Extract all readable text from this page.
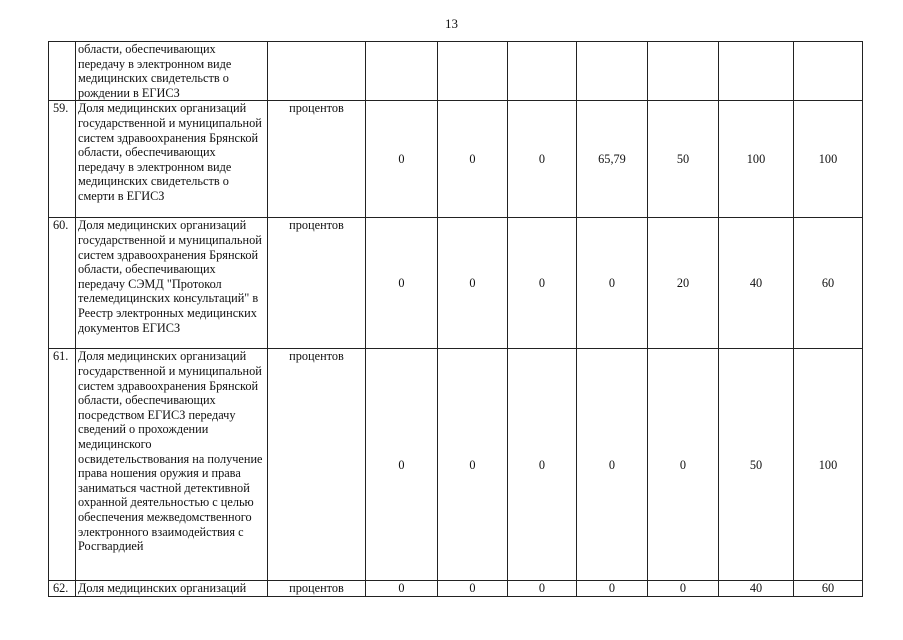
13
	области, обеспечивающих передачу в электронном виде медицинских свидетельств о рождении в ЕГИСЗ								
59.	Доля медицинских организаций государственной и муниципальной систем здравоохранения Брянской области, обеспечивающих передачу в электронном виде медицинских свидетельств о смерти в ЕГИСЗ	процентов	0	0	0	65,79	50	100	100
60.	Доля медицинских организаций государственной и муниципальной систем здравоохранения Брянской области, обеспечивающих передачу СЭМД "Протокол телемедицинских консультаций" в Реестр электронных медицинских документов ЕГИСЗ	процентов	0	0	0	0	20	40	60
61.	Доля медицинских организаций государственной и муниципальной систем здравоохранения Брянской области, обеспечивающих посредством ЕГИСЗ передачу сведений о прохождении медицинского освидетельствования на получение права ношения оружия и права заниматься частной детективной охранной деятельностью с целью обеспечения межведомственного электронного взаимодействия с Росгвардией	процентов	0	0	0	0	0	50	100
62.	Доля медицинских организаций	процентов	0	0	0	0	0	40	60
